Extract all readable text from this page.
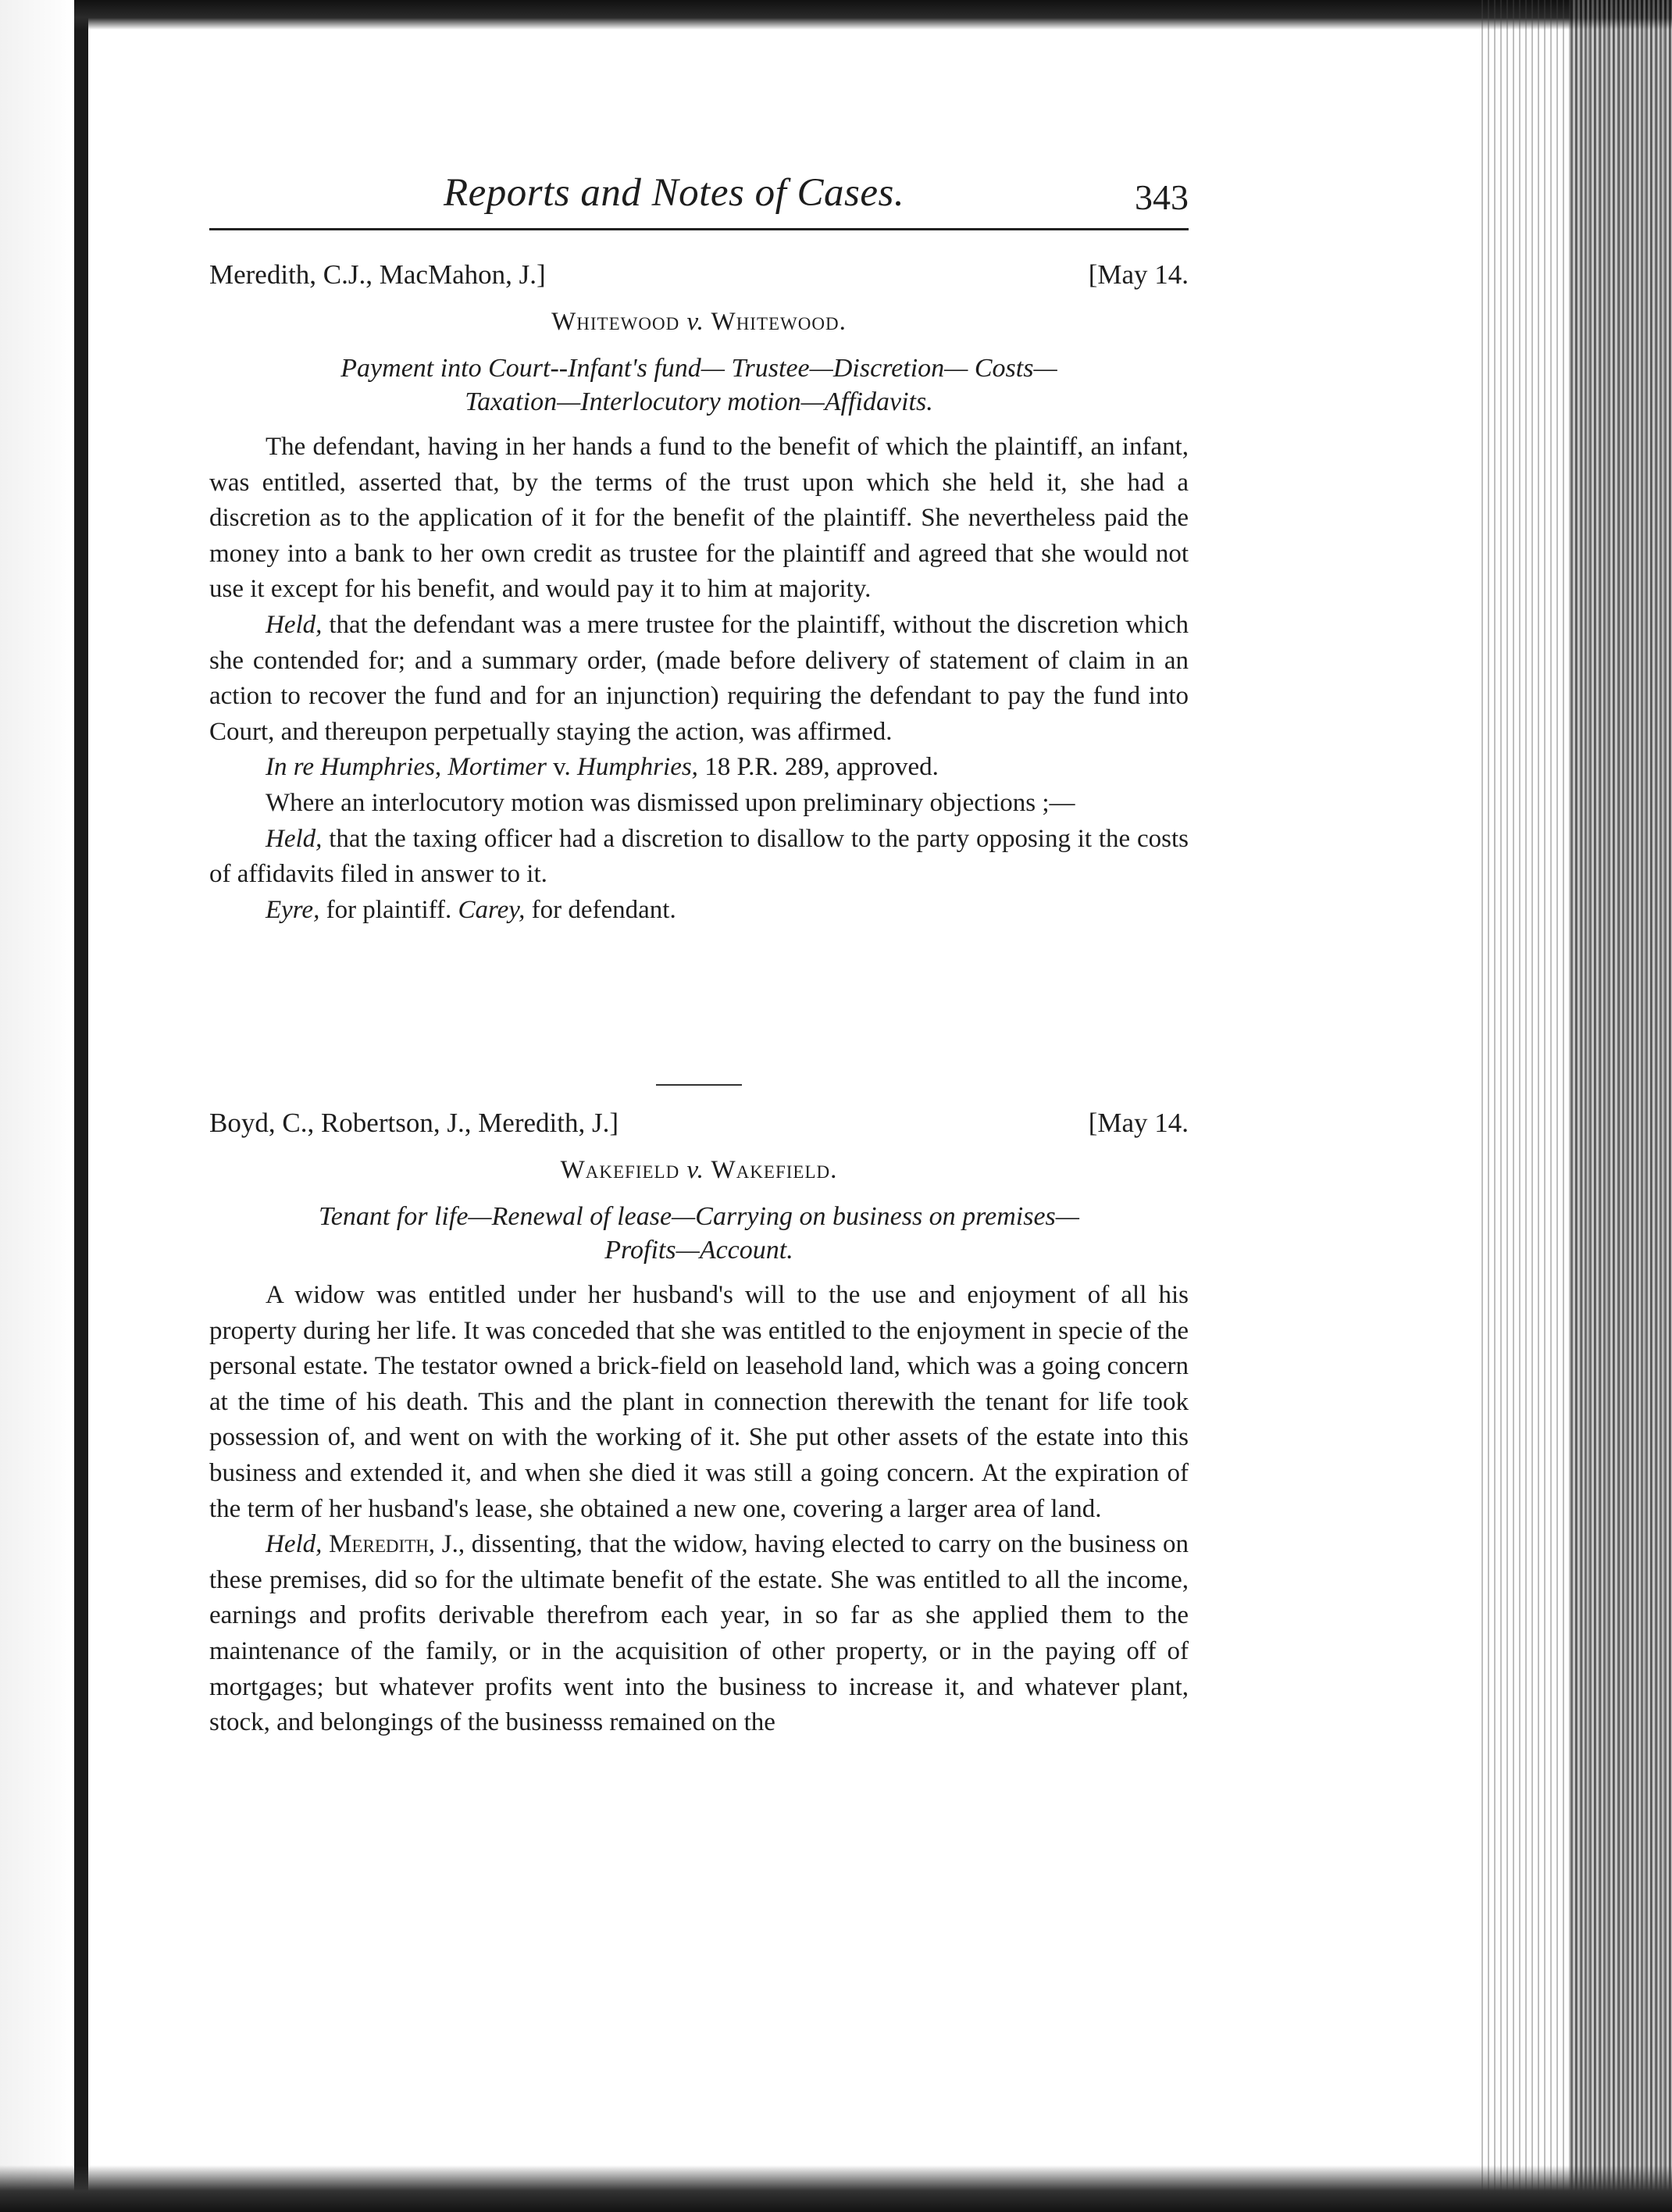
Reports and Notes of Cases.	343
Meredith, C.J., MacMahon, J.]	[May 14.
Whitewood v. Whitewood.
Payment into Court--Infant's fund— Trustee—Discretion— Costs—
Taxation—Interlocutory motion—Affidavits.

The defendant, having in her hands a fund to the benefit of which the plaintiff, an infant, was entitled, asserted that, by the terms of the trust upon which she held it, she had a discretion as to the application of it for the benefit of the plaintiff. She nevertheless paid the money into a bank to her own credit as trustee for the plaintiff and agreed that she would not use it except for his benefit, and would pay it to him at majority.

Held, that the defendant was a mere trustee for the plaintiff, without the discretion which she contended for; and a summary order, (made before delivery of statement of claim in an action to recover the fund and for an injunction) requiring the defendant to pay the fund into Court, and thereupon perpetually staying the action, was affirmed.

In re Humphries, Mortimer v. Humphries, 18 P.R. 289, approved.

Where an interlocutory motion was dismissed upon preliminary objections ;—

Held, that the taxing officer had a discretion to disallow to the party opposing it the costs of affidavits filed in answer to it.

Eyre, for plaintiff. Carey, for defendant.

Boyd, C., Robertson, J., Meredith, J.]	[May 14.
Wakefield v. Wakefield.
Tenant for life—Renewal of lease—Carrying on business on premises—
Profits—Account.

A widow was entitled under her husband's will to the use and enjoyment of all his property during her life. It was conceded that she was entitled to the enjoyment in specie of the personal estate. The testator owned a brick-field on leasehold land, which was a going concern at the time of his death. This and the plant in connection therewith the tenant for life took possession of, and went on with the working of it. She put other assets of the estate into this business and extended it, and when she died it was still a going concern. At the expiration of the term of her husband's lease, she obtained a new one, covering a larger area of land.

Held, Meredith, J., dissenting, that the widow, having elected to carry on the business on these premises, did so for the ultimate benefit of the estate. She was entitled to all the income, earnings and profits derivable therefrom each year, in so far as she applied them to the maintenance of the family, or in the acquisition of other property, or in the paying off of mortgages; but whatever profits went into the business to increase it, and whatever plant, stock, and belongings of the businesss remained on the
